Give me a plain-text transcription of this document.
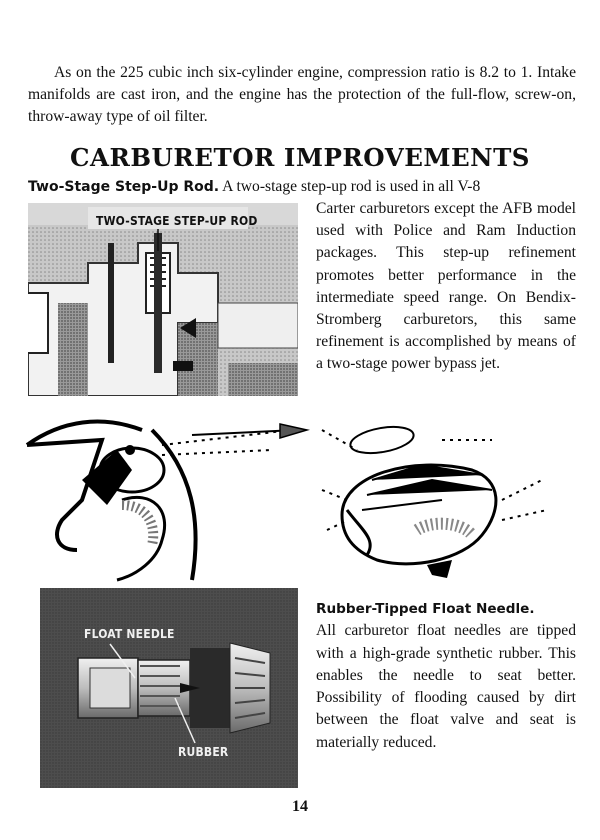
As on the 225 cubic inch six-cylinder engine, compression ratio is 8.2 to 1. Intake manifolds are cast iron, and the engine has the protection of the full-flow, screw-on, throw-away type of oil filter.

CARBURETOR IMPROVEMENTS

Two-Stage Step-Up Rod. A two-stage step-up rod is used in all V-8

Carter carburetors except the AFB model used with Police and Ram Induction packages. This step-up refinement promotes better performance in the intermediate speed range. On Bendix-Stromberg carburetors, this same refinement is accomplished by means of a two-stage power bypass jet.

TWO-STAGE STEP-UP ROD
FLOAT NEEDLE
RUBBER
Rubber-Tipped Float Needle.

All carburetor float needles are tipped with a high-grade synthetic rubber. This enables the needle to seat better. Possibility of flooding caused by dirt between the float valve and seat is materially reduced.

14
